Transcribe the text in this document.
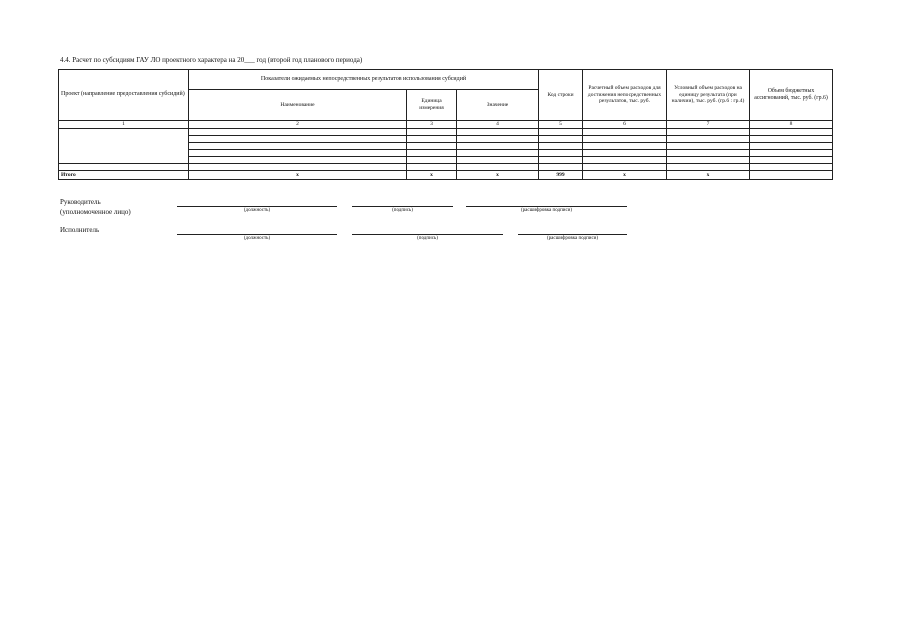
4.4. Расчет по субсидиям ГАУ ЛО проектного характера на 20___ год (второй год планового периода)
Проект (направление предоставления субсидий)	Показатели ожидаемых непосредственных результатов использования субсидий			Код строки	Расчетный объем расходов для достижения непосредственных результатов, тыс. руб.	Условный объем расходов на единицу результата (при наличии), тыс. руб. (гр.6 : гр.4)	Объем бюджетных ассигнований, тыс. руб. (гр.6)
	Наименование	Единица измерения	Значение				
1	2	3	4	5	6	7	8

Итого	х	х	х	999	х	х	
Руководитель
(уполномоченное лицо)	(должность)	(подпись)	(расшифровка подписи)
Исполнитель
(должность)	(подпись)	(расшифровка подписи)
